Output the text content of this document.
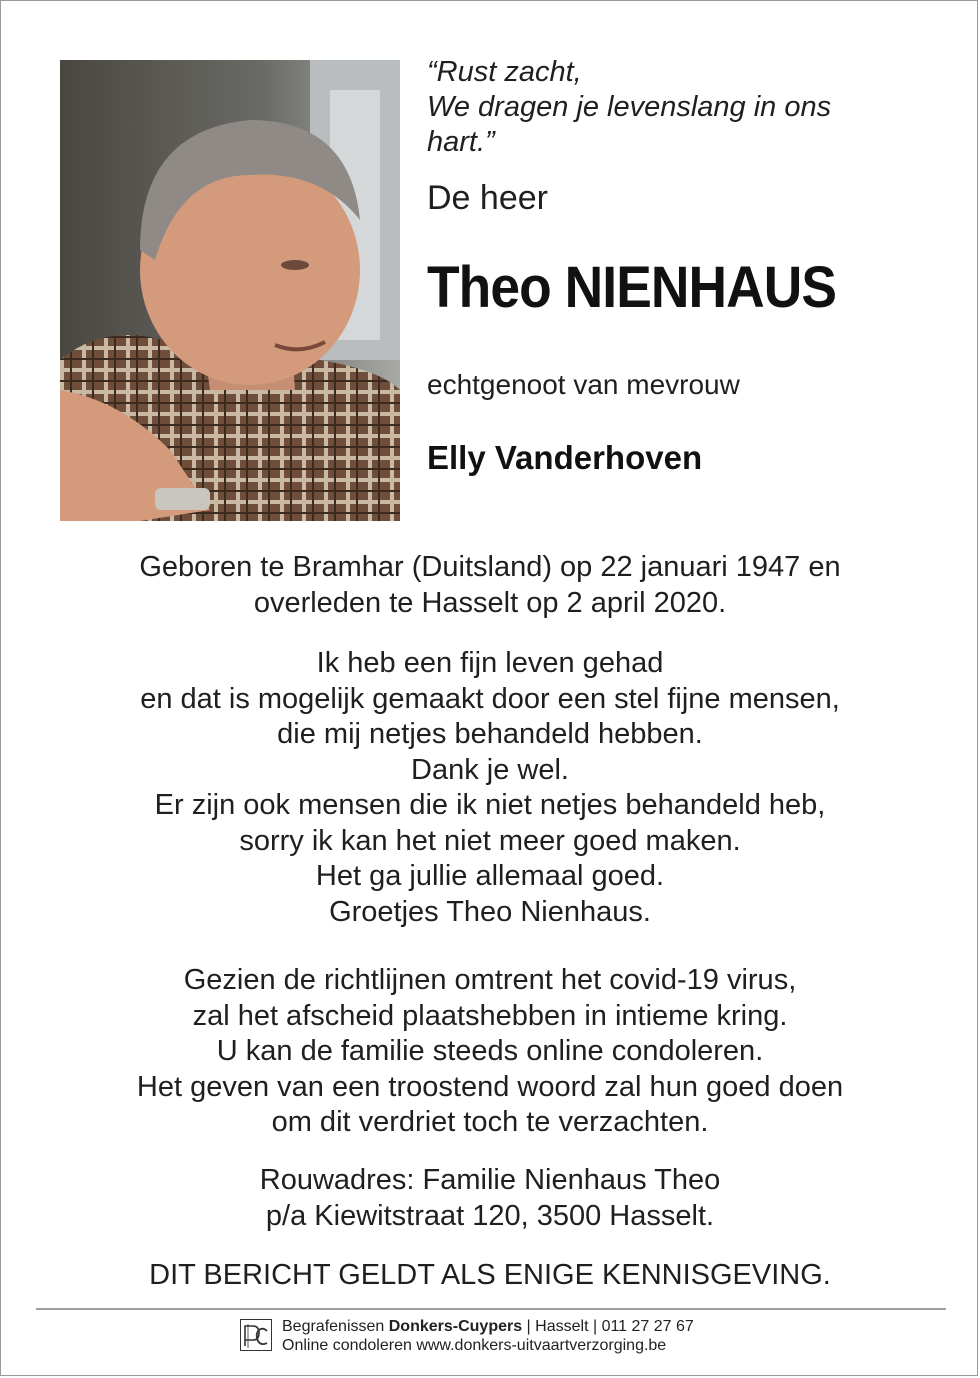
“Rust zacht,
We dragen je levenslang in ons
hart.”
De heer
Theo NIENHAUS
echtgenoot van mevrouw
Elly Vanderhoven
Geboren te Bramhar (Duitsland) op 22 januari 1947 en
overleden te Hasselt op 2 april 2020.
Ik heb een fijn leven gehad
en dat is mogelijk gemaakt door een stel fijne mensen,
die mij netjes behandeld hebben.
Dank je wel.
Er zijn ook mensen die ik niet netjes behandeld heb,
sorry ik kan het niet meer goed maken.
Het ga jullie allemaal goed.
Groetjes Theo Nienhaus.
Gezien de richtlijnen omtrent het covid-19 virus,
zal het afscheid plaatshebben in intieme kring.
U kan de familie steeds online condoleren.
Het geven van een troostend woord zal hun goed doen
om dit verdriet toch te verzachten.
Rouwadres: Familie Nienhaus Theo
p/a Kiewitstraat 120, 3500 Hasselt.
DIT BERICHT GELDT ALS ENIGE KENNISGEVING.
Begrafenissen Donkers-Cuypers | Hasselt | 011 27 27 67
Online condoleren www.donkers-uitvaartverzorging.be
